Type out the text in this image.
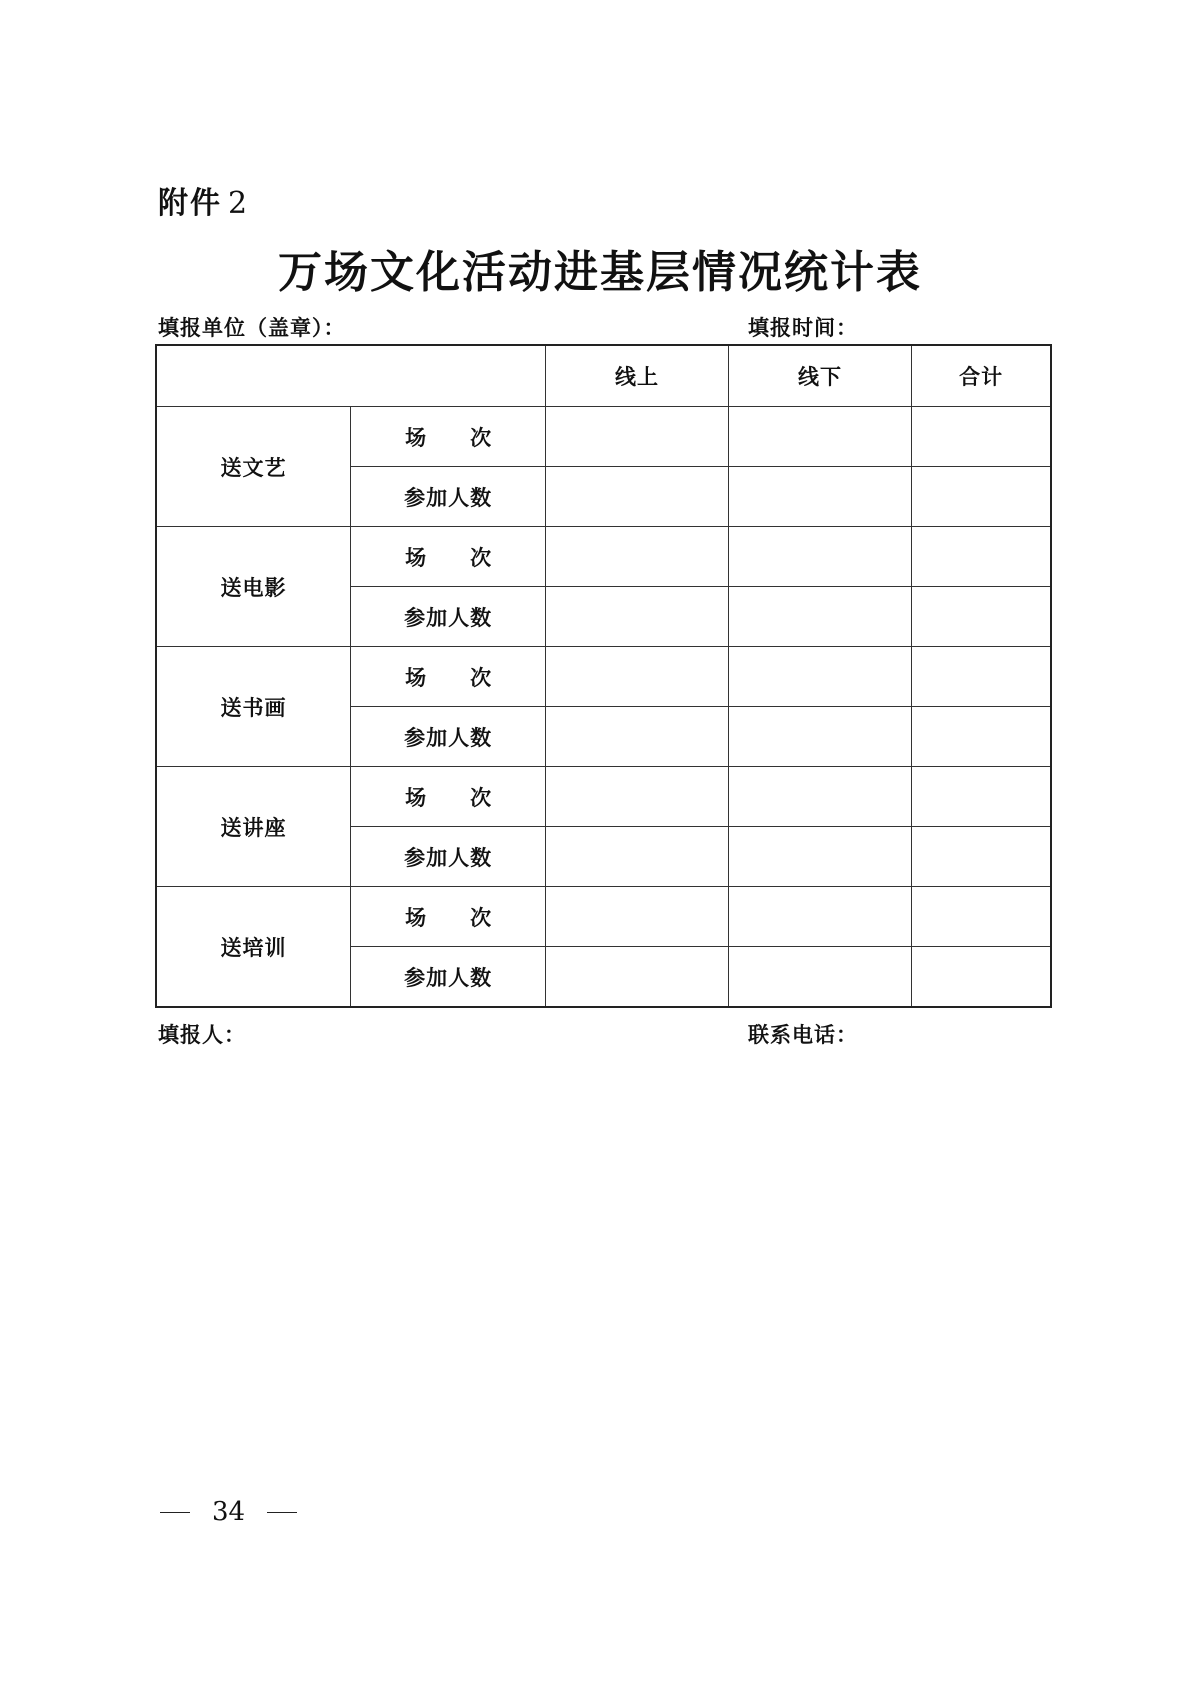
附件 2
万场文化活动进基层情况统计表
填报单位（盖章）：	填报时间：
		线上	线下	合计
送文艺	场 次			
	参加人数			
送电影	场 次			
	参加人数			
送书画	场 次			
	参加人数			
送讲座	场 次			
	参加人数			
送培训	场 次			
	参加人数			
填报人：	联系电话：
34
